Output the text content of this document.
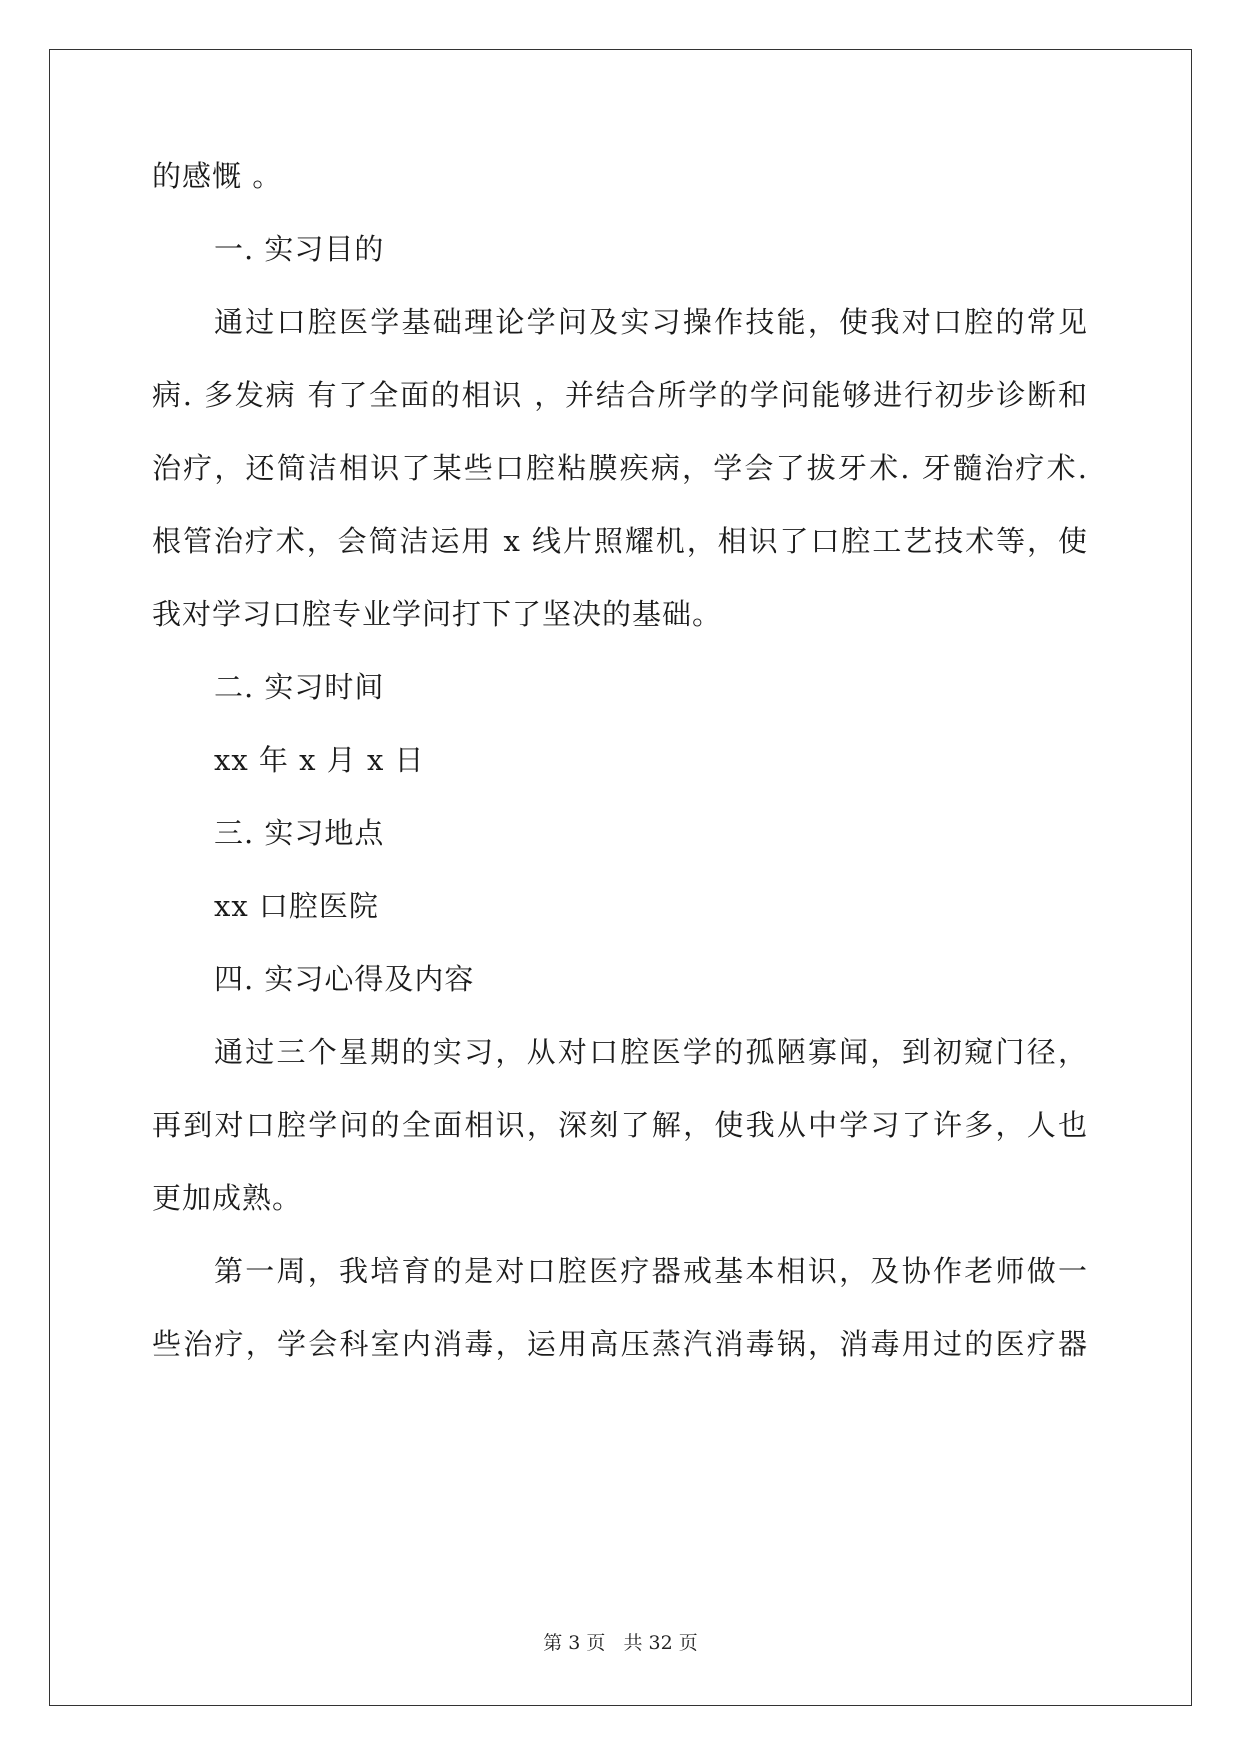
的感慨 。
一. 实习目的
通过口腔医学基础理论学问及实习操作技能，使我对口腔的常见
病. 多发病 有了全面的相识 ，并结合所学的学问能够进行初步诊断和
治疗，还简洁相识了某些口腔粘膜疾病，学会了拔牙术. 牙髓治疗术.
根管治疗术，会简洁运用 x 线片照耀机，相识了口腔工艺技术等，使
我对学习口腔专业学问打下了坚决的基础。
二. 实习时间
xx 年 x 月 x 日
三. 实习地点
xx 口腔医院
四. 实习心得及内容
通过三个星期的实习，从对口腔医学的孤陋寡闻，到初窥门径，
再到对口腔学问的全面相识，深刻了解，使我从中学习了许多，人也
更加成熟。
第一周，我培育的是对口腔医疗器戒基本相识，及协作老师做一
些治疗，学会科室内消毒，运用高压蒸汽消毒锅，消毒用过的医疗器
第 3 页 共 32 页
